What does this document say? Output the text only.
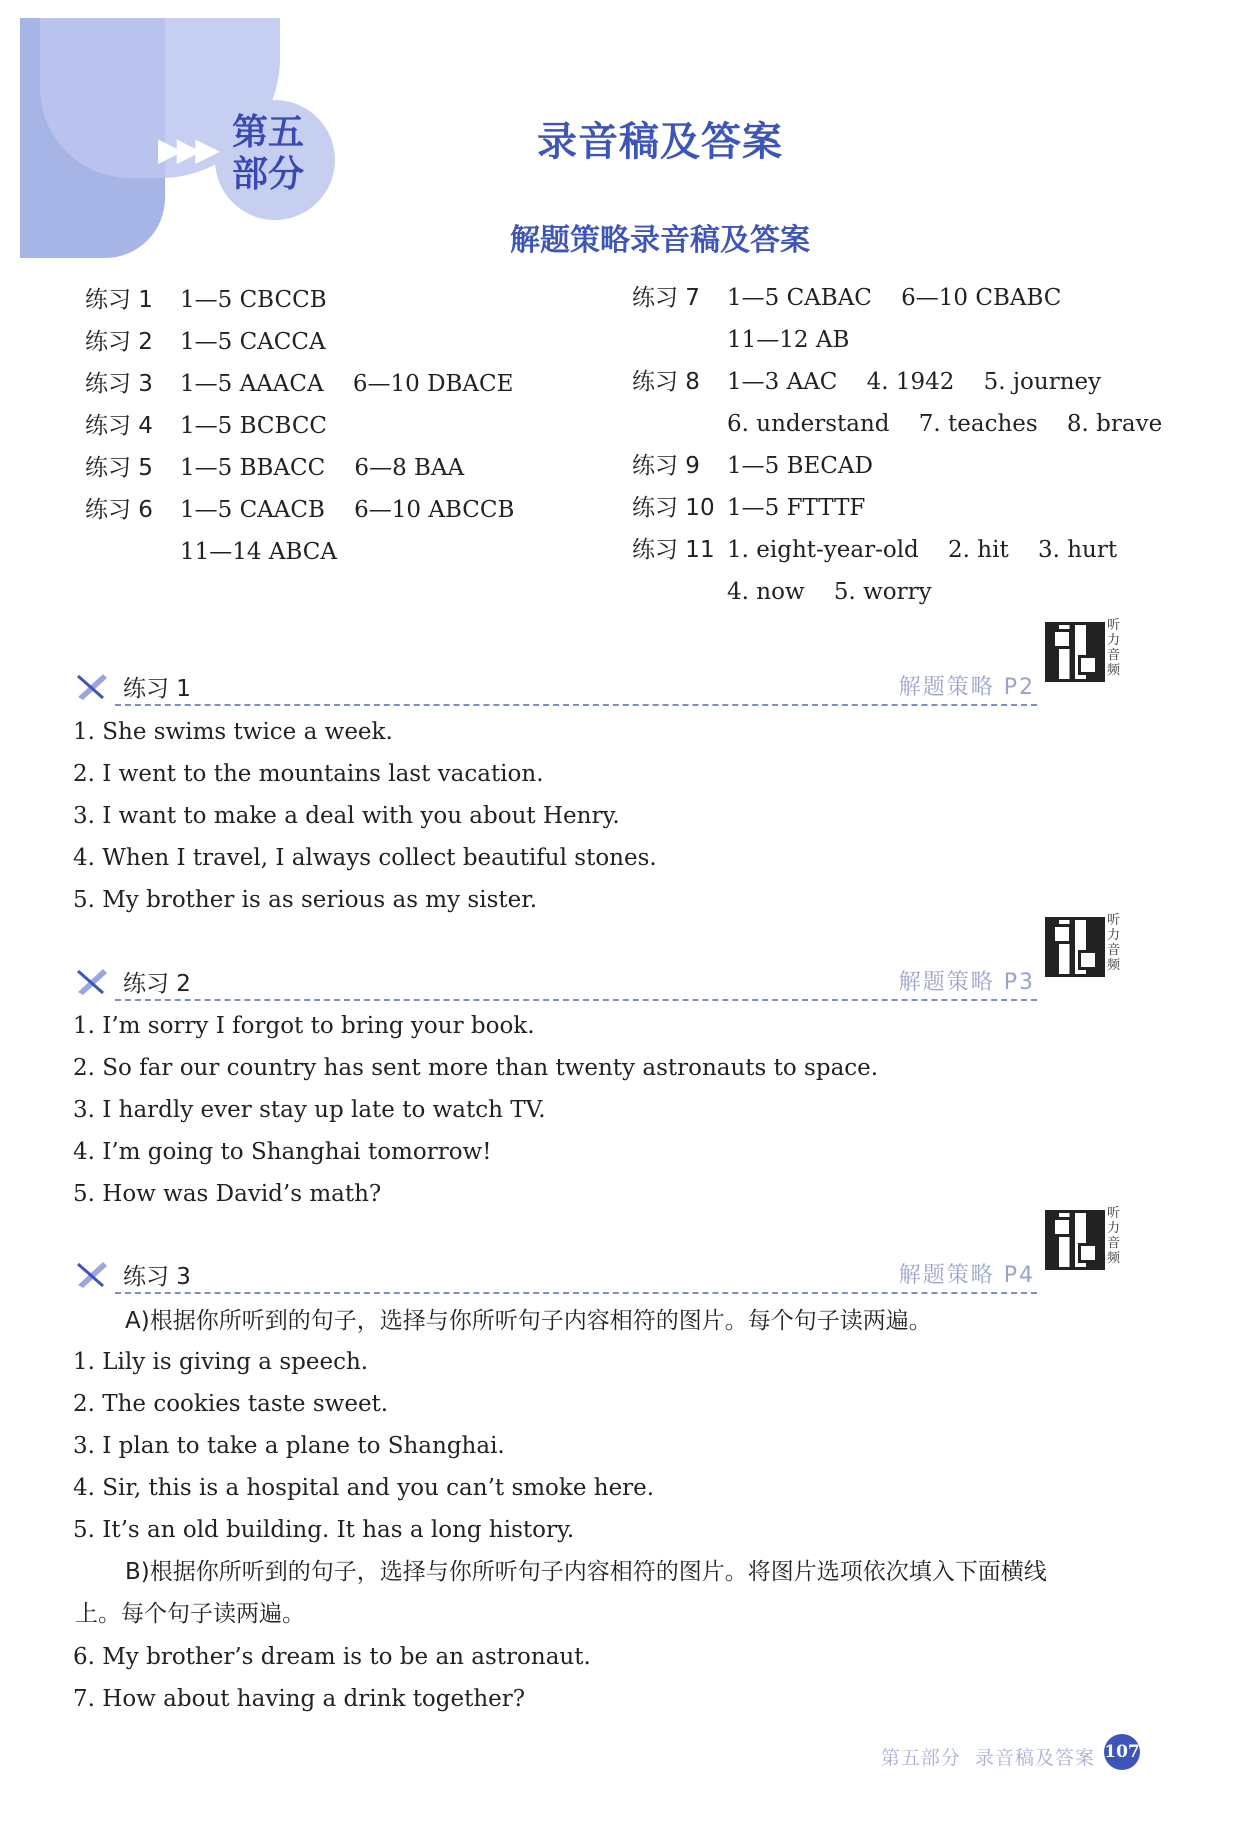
▶▶▶ 第五部分
录音稿及答案
解题策略录音稿及答案
练习 1 1—5 CBCCB
练习 2 1—5 CACCA
练习 3 1—5 AAACA    6—10 DBACE
练习 4 1—5 BCBCC
练习 5 1—5 BBACC    6—8 BAA
练习 6 1—5 CAACB    6—10 ABCCB
11—14 ABCA
练习 7 1—5 CABAC    6—10 CBABC
11—12 AB
练习 8 1—3 AAC    4. 1942    5. journey
6. understand    7. teaches    8. brave
练习 9 1—5 BECAD
练习 10 1—5 FTTTF
练习 11 1. eight-year-old    2. hit    3. hurt
4. now    5. worry
练习 1	解题策略 P2
听力音频
1. She swims twice a week.
2. I went to the mountains last vacation.
3. I want to make a deal with you about Henry.
4. When I travel, I always collect beautiful stones.
5. My brother is as serious as my sister.
练习 2	解题策略 P3
听力音频
1. I’m sorry I forgot to bring your book.
2. So far our country has sent more than twenty astronauts to space.
3. I hardly ever stay up late to watch TV.
4. I’m going to Shanghai tomorrow!
5. How was David’s math?
练习 3	解题策略 P4
听力音频
A)根据你所听到的句子，选择与你所听句子内容相符的图片。每个句子读两遍。
1. Lily is giving a speech.
2. The cookies taste sweet.
3. I plan to take a plane to Shanghai.
4. Sir, this is a hospital and you can’t smoke here.
5. It’s an old building. It has a long history.
B)根据你所听到的句子，选择与你所听句子内容相符的图片。将图片选项依次填入下面横线
上。每个句子读两遍。
6. My brother’s dream is to be an astronaut.
7. How about having a drink together?
第五部分 录音稿及答案 107
